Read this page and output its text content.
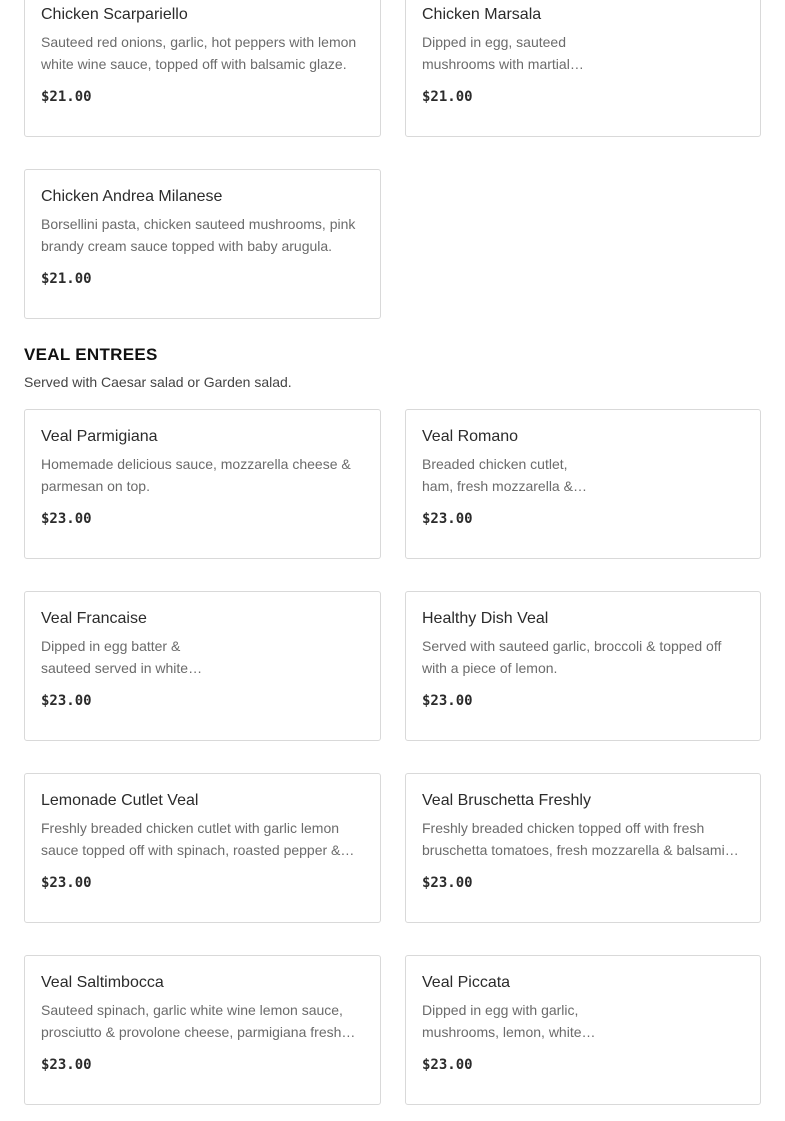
Chicken Scarpariello
Sauteed red onions, garlic, hot peppers with lemon white wine sauce, topped off with balsamic glaze.
$21.00
Chicken Marsala
Dipped in egg, sauteed mushrooms with martial
$21.00
Chicken Andrea Milanese
Borsellini pasta, chicken sauteed mushrooms, pink brandy cream sauce topped with baby arugula.
$21.00
VEAL ENTREES
Served with Caesar salad or Garden salad.
Veal Parmigiana
Homemade delicious sauce, mozzarella cheese & parmesan on top.
$23.00
Veal Romano
Breaded chicken cutlet, ham, fresh mozzarella &
$23.00
Veal Francaise
Dipped in egg batter & sauteed served in white
$23.00
Healthy Dish Veal
Served with sauteed garlic, broccoli & topped off with a piece of lemon.
$23.00
Lemonade Cutlet Veal
Freshly breaded chicken cutlet with garlic lemon sauce topped off with spinach, roasted pepper &
$23.00
Veal Bruschetta Freshly
Freshly breaded chicken topped off with fresh bruschetta tomatoes, fresh mozzarella & balsamic
$23.00
Veal Saltimbocca
Sauteed spinach, garlic white wine lemon sauce, prosciutto & provolone cheese, parmigiana fresh
$23.00
Veal Piccata
Dipped in egg with garlic, mushrooms, lemon, white
$23.00
